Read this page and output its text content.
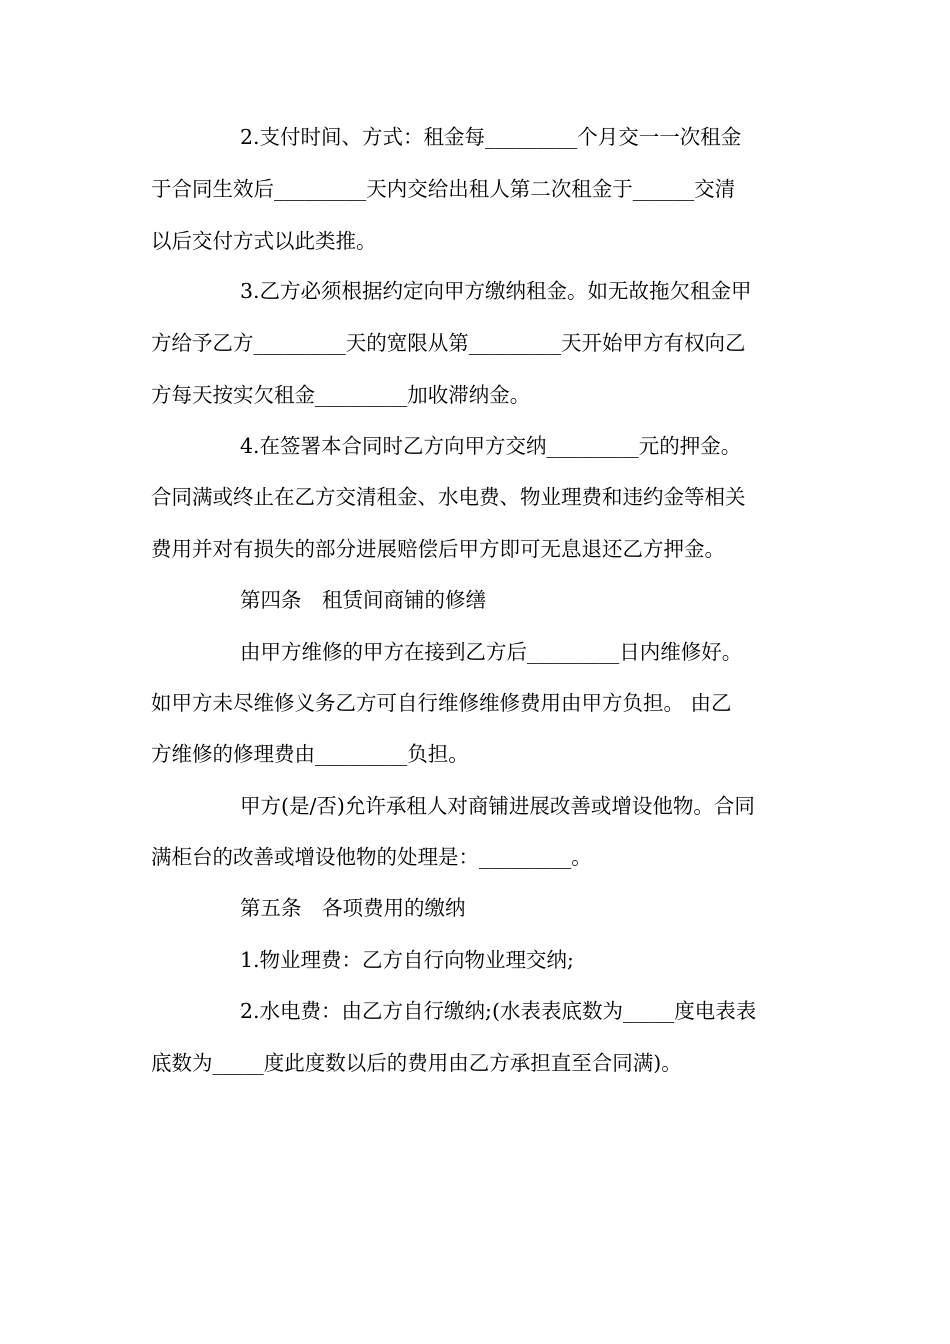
2.支付时间、方式：租金每_________个月交一一次租金
于合同生效后_________天内交给出租人第二次租金于______交清
以后交付方式以此类推。
3.乙方必须根据约定向甲方缴纳租金。如无故拖欠租金甲
方给予乙方_________天的宽限从第_________天开始甲方有权向乙
方每天按实欠租金_________加收滞纳金。
4.在签署本合同时乙方向甲方交纳_________元的押金。
合同满或终止在乙方交清租金、水电费、物业理费和违约金等相关
费用并对有损失的部分进展赔偿后甲方即可无息退还乙方押金。
第四条　租赁间商铺的修缮
由甲方维修的甲方在接到乙方后_________日内维修好。
如甲方未尽维修义务乙方可自行维修维修费用由甲方负担。 由乙
方维修的修理费由_________负担。
甲方(是/否)允许承租人对商铺进展改善或增设他物。合同
满柜台的改善或增设他物的处理是：_________。
第五条　各项费用的缴纳
1.物业理费：乙方自行向物业理交纳;
2.水电费：由乙方自行缴纳;(水表表底数为_____度电表表
底数为_____度此度数以后的费用由乙方承担直至合同满)。
